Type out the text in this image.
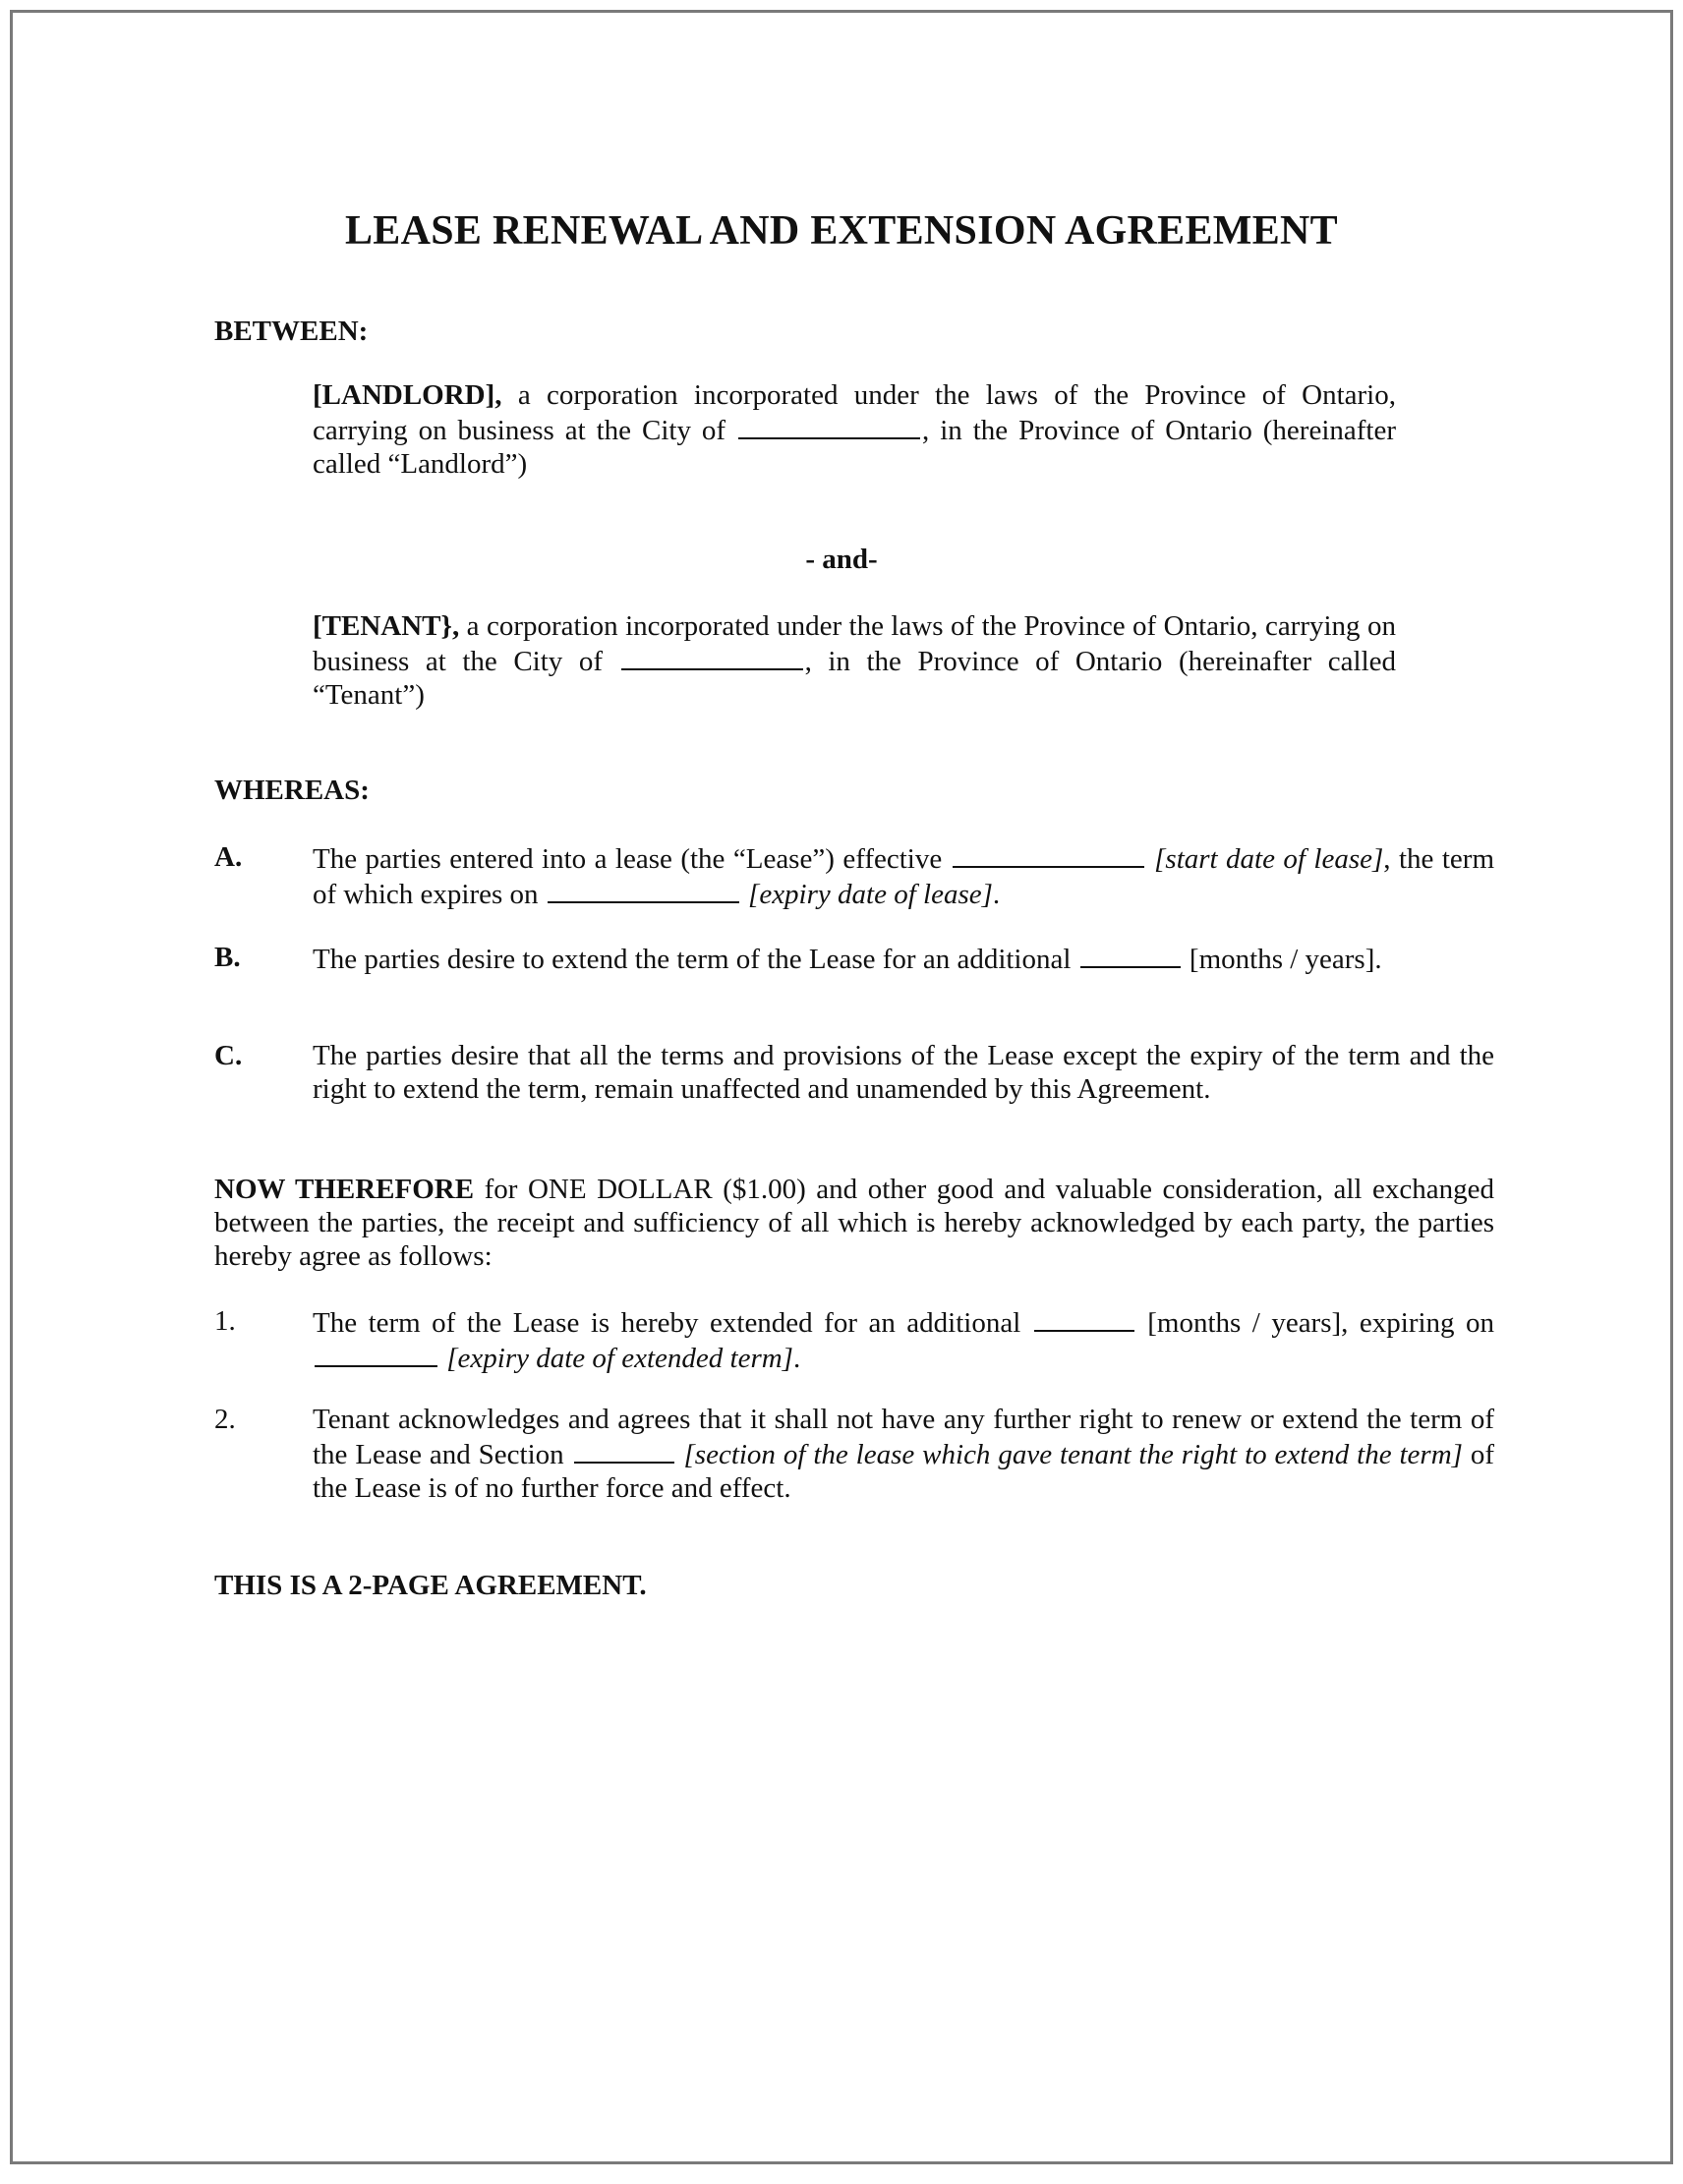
LEASE RENEWAL AND EXTENSION AGREEMENT
BETWEEN:
[LANDLORD], a corporation incorporated under the laws of the Province of Ontario, carrying on business at the City of	, in the Province of Ontario (hereinafter called “Landlord”)
- and-
[TENANT}, a corporation incorporated under the laws of the Province of Ontario, carrying on business at the City of	, in the Province of Ontario (hereinafter called “Tenant”)
WHEREAS:
A. The parties entered into a lease (the “Lease”) effective	[start date of lease], the term of which expires on	[expiry date of lease].
B.	The parties desire to extend the term of the Lease for an additional	[months / years].
C. The parties desire that all the terms and provisions of the Lease except the expiry of the term and the right to extend the term, remain unaffected and unamended by this Agreement.
NOW THEREFORE for ONE DOLLAR ($1.00) and other good and valuable consideration, all exchanged between the parties, the receipt and sufficiency of all which is hereby acknowledged by each party, the parties hereby agree as follows:
1.	The term of the Lease is hereby extended for an additional	[months / years], expiring on  [expiry date of extended term].
2.	Tenant acknowledges and agrees that it shall not have any further right to renew or extend the term of the Lease and Section	[section of the lease which gave tenant the right to extend the term] of the Lease is of no further force and effect.
THIS IS A 2-PAGE AGREEMENT.
